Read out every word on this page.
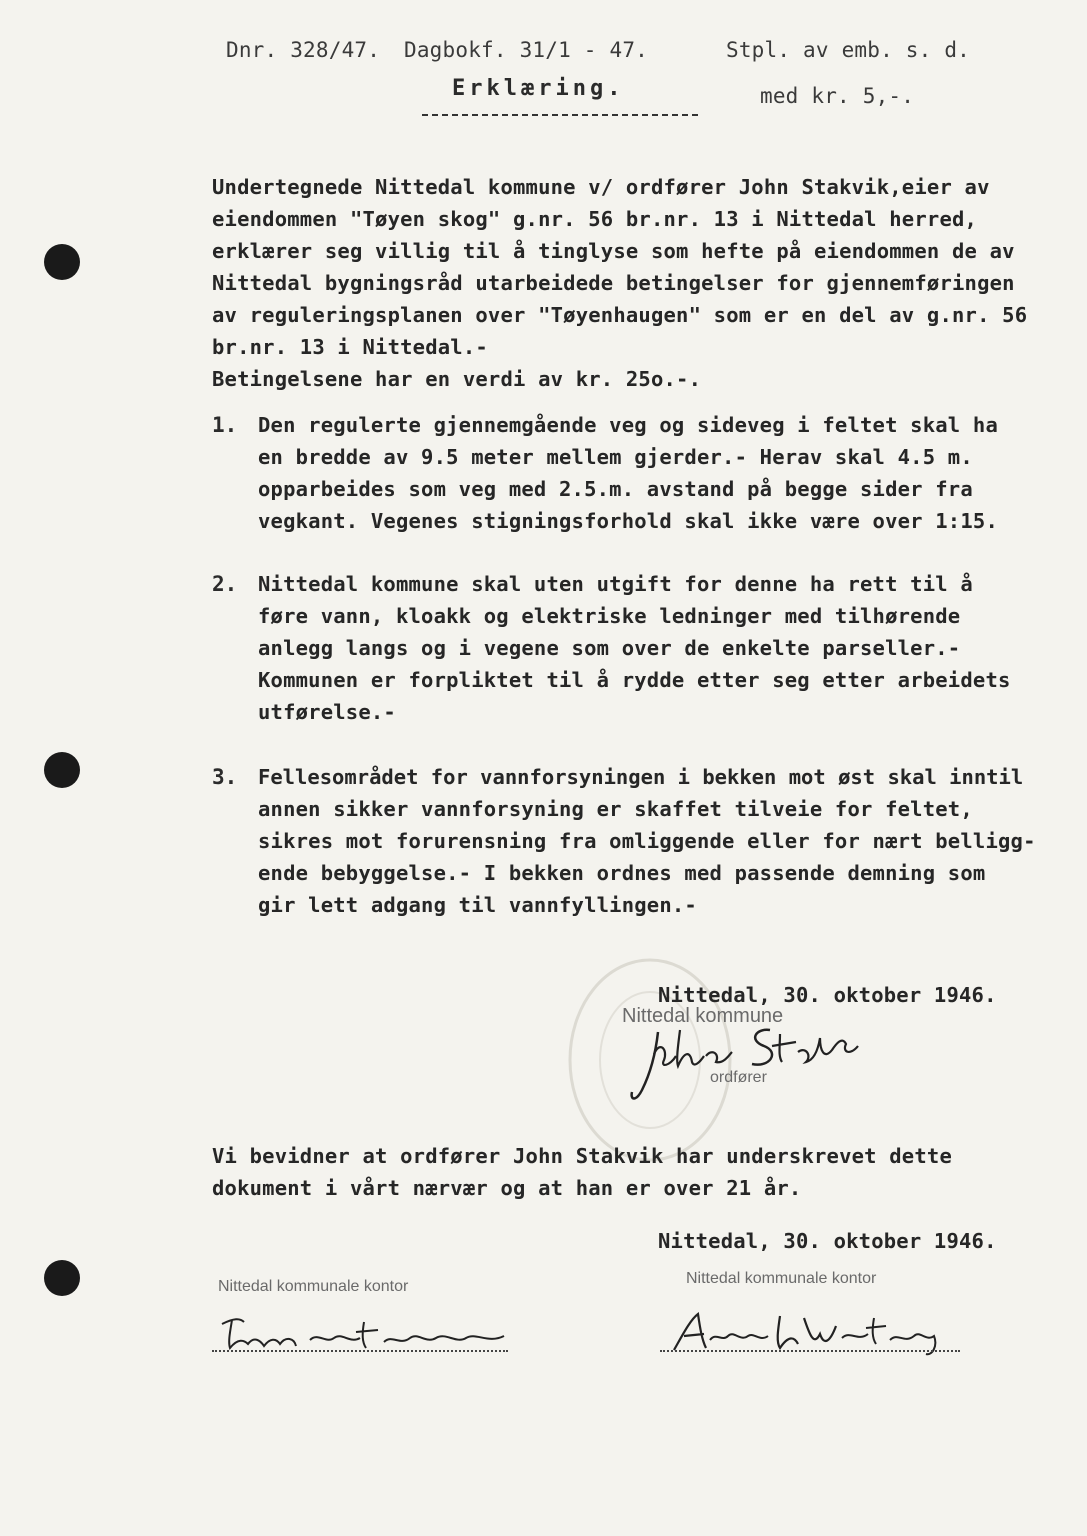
Dnr. 328/47. Dagbokf. 31/1 - 47.	Stpl. av emb. s. d.
med kr. 5,-.
Erklæring.
Undertegnede Nittedal kommune v/ ordfører John Stakvik,eier av
eiendommen "Tøyen skog" g.nr. 56 br.nr. 13 i Nittedal herred,
erklærer seg villig til å tinglyse som hefte på eiendommen de av
Nittedal bygningsråd utarbeidede betingelser for gjennemføringen
av reguleringsplanen over "Tøyenhaugen" som er en del av g.nr. 56
br.nr. 13 i Nittedal.-
Betingelsene har en verdi av kr. 25o.-.
1. Den regulerte gjennemgående veg og sideveg i feltet skal ha
en bredde av 9.5 meter mellem gjerder.- Herav skal 4.5 m.
opparbeides som veg med 2.5.m. avstand på begge sider fra
vegkant. Vegenes stigningsforhold skal ikke være over 1:15.
2. Nittedal kommune skal uten utgift for denne ha rett til å
føre vann, kloakk og elektriske ledninger med tilhørende
anlegg langs og i vegene som over de enkelte parseller.-
Kommunen er forpliktet til å rydde etter seg etter arbeidets
utførelse.-
3. Fellesområdet for vannforsyningen i bekken mot øst skal inntil
annen sikker vannforsyning er skaffet tilveie for feltet,
sikres mot forurensning fra omliggende eller for nært belligg-
ende bebyggelse.- I bekken ordnes med passende demning som
gir lett adgang til vannfyllingen.-
Nittedal, 30. oktober 1946.
Nittedal kommune
ordfører
Vi bevidner at ordfører John Stakvik har underskrevet dette
dokument i vårt nærvær og at han er over 21 år.
Nittedal, 30. oktober 1946.
Nittedal kommunale kontor	Nittedal kommunale kontor
